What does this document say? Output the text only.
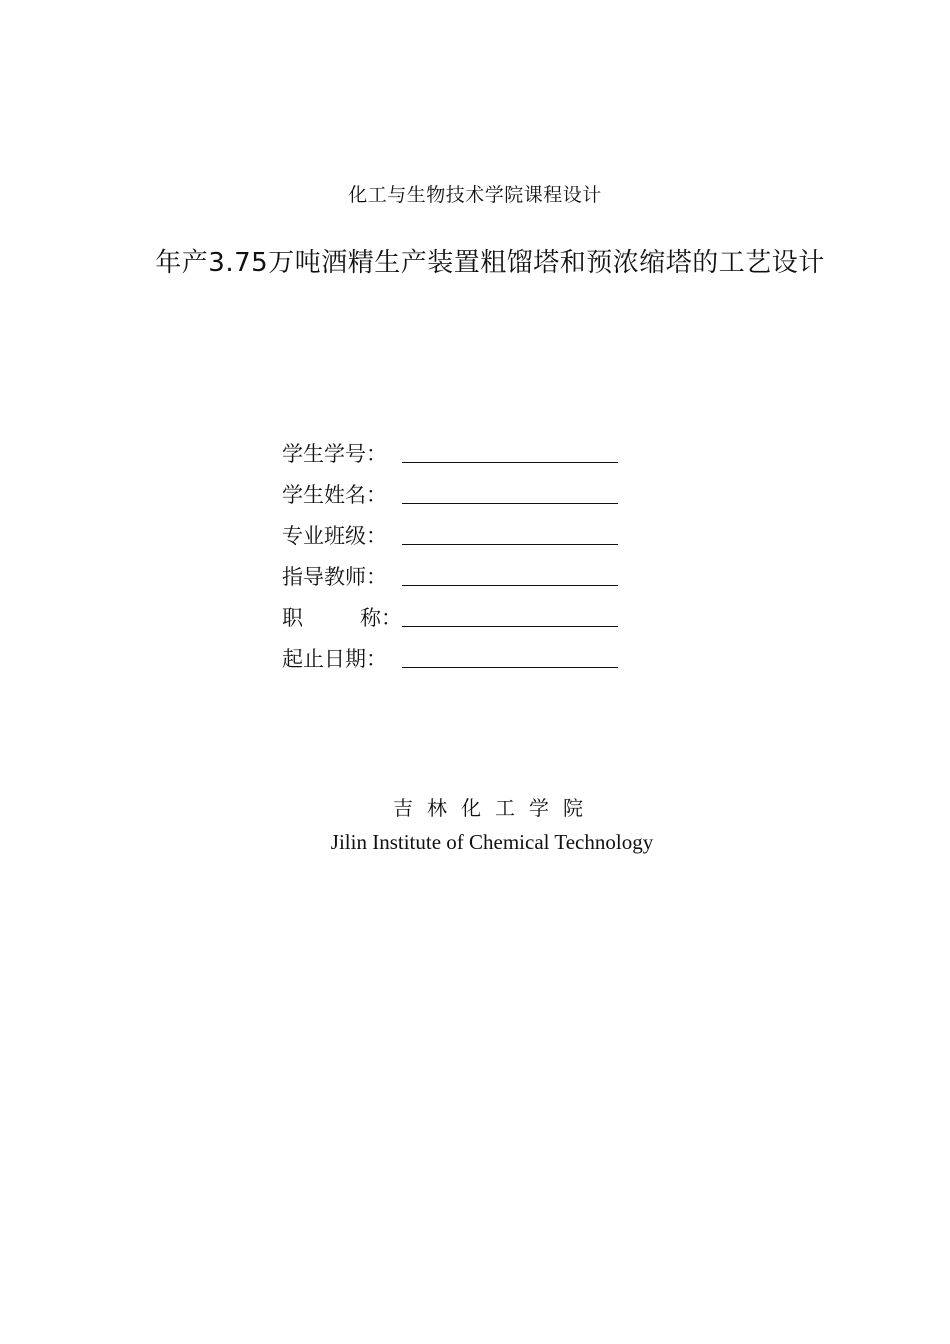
化工与生物技术学院课程设计
年产3.75万吨酒精生产装置粗馏塔和预浓缩塔的工艺设计
学生学号：
学生姓名：
专业班级：
指导教师：
职	称：
起止日期：
吉林化工学院
Jilin Institute of Chemical Technology
